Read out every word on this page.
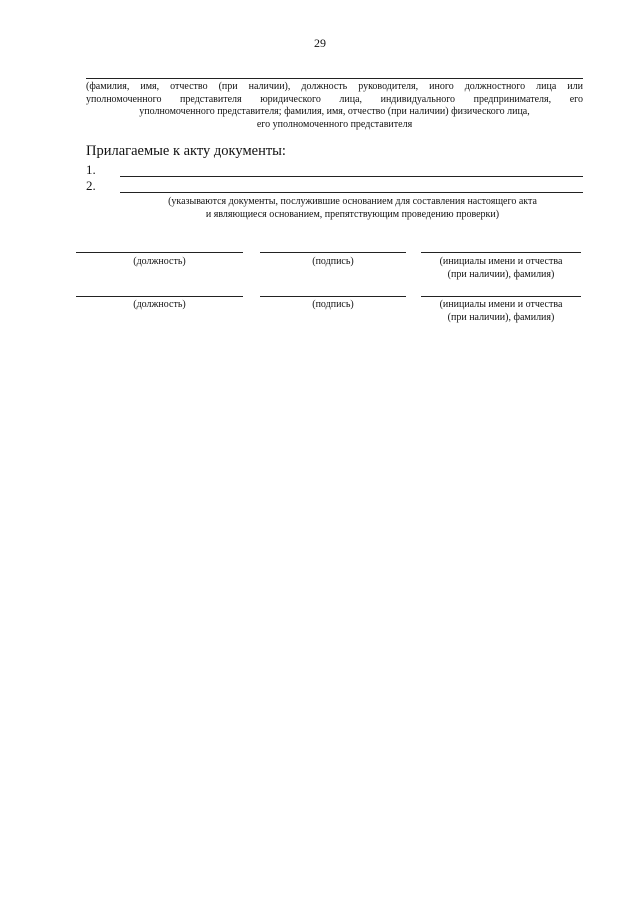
29
(фамилия, имя, отчество (при наличии), должность руководителя, иного должностного лица или
уполномоченного представителя юридического лица, индивидуального предпринимателя, его
уполномоченного представителя; фамилия, имя, отчество (при наличии) физического лица,
его уполномоченного представителя
Прилагаемые к акту документы:
1.
2.
(указываются документы, послужившие основанием для составления настоящего акта
и являющиеся основанием, препятствующим проведению проверки)
(должность)	(подпись)	(инициалы имени и отчества
(при наличии), фамилия)
(должность)	(подпись)	(инициалы имени и отчества
(при наличии), фамилия)
